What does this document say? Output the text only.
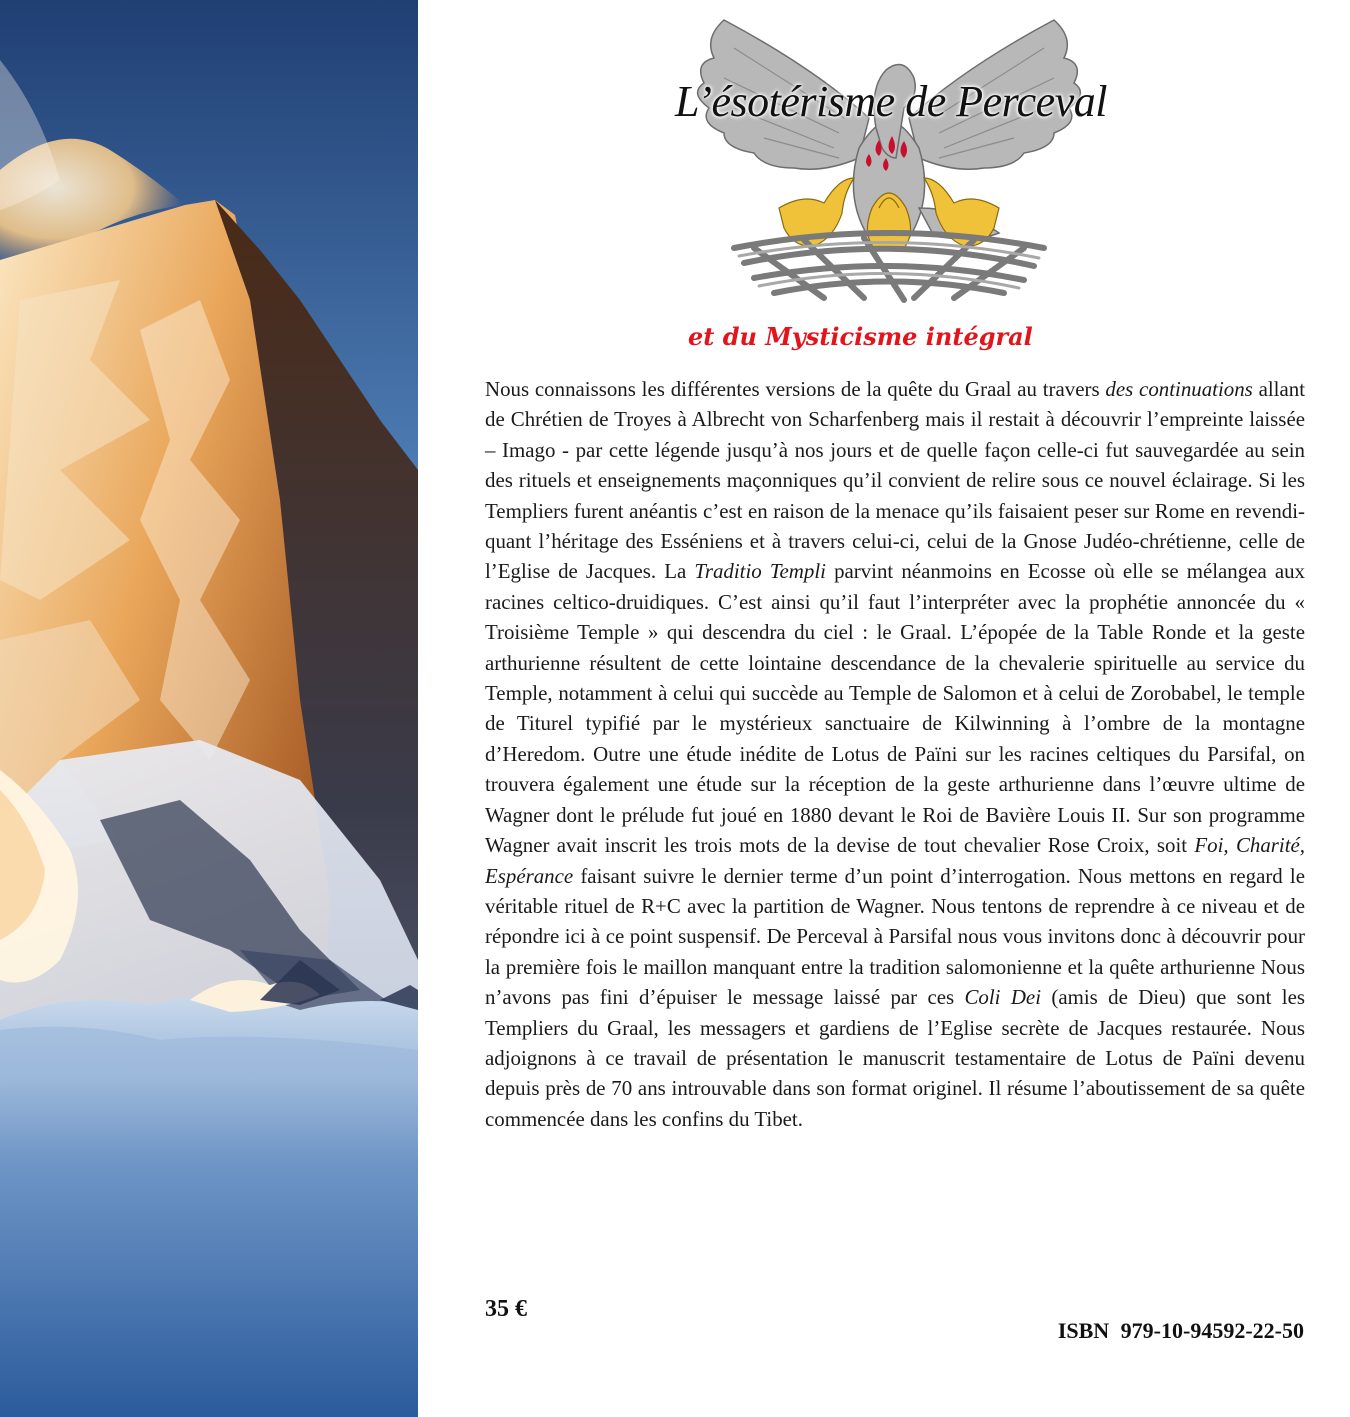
L’ésotérisme de Perceval
et du Mysticisme intégral

Nous connaissons les différentes versions de la quête du Graal au travers des continuations allant de Chrétien de Troyes à Albrecht von Scharfenberg mais il restait à découvrir l’empreinte laissée – Imago - par cette légende jusqu’à nos jours et de quelle façon celle-ci fut sauvegardée au sein des rituels et enseignements maçonniques qu’il convient de relire sous ce nouvel éclairage. Si les Templiers furent anéantis c’est en raison de la menace qu’ils faisaient peser sur Rome en revendiquant l’héritage des Esséniens et à travers celui-ci, celui de la Gnose Judéo-chrétienne, celle de l’Eglise de Jacques. La Traditio Templi parvint néanmoins en Ecosse où elle se mélangea aux racines celtico-druidiques. C’est ainsi qu’il faut l’interpréter avec la prophétie annoncée du « Troisième Temple » qui descendra du ciel : le Graal. L’épopée de la Table Ronde et la geste arthurienne résultent de cette lointaine descendance de la chevalerie spirituelle au service du Temple, notamment à celui qui succède au Temple de Salomon et à celui de Zorobabel, le temple de Titurel typifié par le mystérieux sanctuaire de Kilwinning à l’ombre de la montagne d’Heredom. Outre une étude inédite de Lotus de Païni sur les racines celtiques du Parsifal, on trouvera également une étude sur la réception de la geste arthurienne dans l’œuvre ultime de Wagner dont le prélude fut joué en 1880 devant le Roi de Bavière Louis II. Sur son programme Wagner avait inscrit les trois mots de la devise de tout chevalier Rose Croix, soit Foi, Charité, Espérance faisant suivre le dernier terme d’un point d’interrogation. Nous mettons en regard le véritable rituel de R+C avec la partition de Wagner. Nous tentons de reprendre à ce niveau et de répondre ici à ce point suspensif. De Perceval à Parsifal nous vous invitons donc à découvrir pour la première fois le maillon manquant entre la tradition salomonienne et la quête arthurienne Nous n’avons pas fini d’épuiser le message laissé par ces Coli Dei (amis de Dieu) que sont les Templiers du Graal, les messagers et gardiens de l’Eglise secrète de Jacques restaurée. Nous adjoignons à ce travail de présentation le manuscrit testamentaire de Lotus de Païni devenu depuis près de 70 ans introuvable dans son format originel. Il résume l’aboutissement de sa quête commencée dans les confins du Tibet.

35 €
ISBN 979-10-94592-22-50
